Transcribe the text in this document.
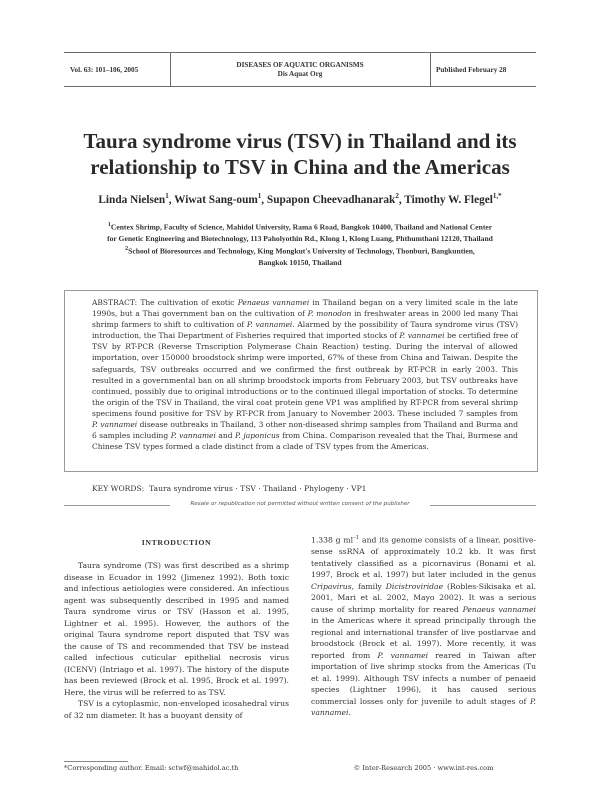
Vol. 63: 101–106, 2005
DISEASES OF AQUATIC ORGANISMS
Dis Aquat Org	Published February 28
Taura syndrome virus (TSV) in Thailand and its
relationship to TSV in China and the Americas
Linda Nielsen$^1$, Wiwat Sang-oum$^1$, Supapon Cheevadhanarak$^2$, Timothy W. Flegel$^{1,*}$
$^1$Centex Shrimp, Faculty of Science, Mahidol University, Rama 6 Road, Bangkok 10400, Thailand and National Center
for Genetic Engineering and Biotechnology, 113 Paholyothin Rd., Klong 1, Klong Luang, Phthumthani 12120, Thailand
$^2$School of Bioresources and Technology, King Mongkut's University of Technology, Thonburi, Bangkuntien,
Bangkok 10150, Thailand
ABSTRACT: The cultivation of exotic Penaeus vannamei in Thailand began on a very limited scale in the late 1990s, but a Thai government ban on the cultivation of P. monodon in freshwater areas in 2000 led many Thai shrimp farmers to shift to cultivation of P. vannamei. Alarmed by the possibility of Taura syndrome virus (TSV) introduction, the Thai Department of Fisheries required that imported stocks of P. vannamei be certified free of TSV by RT-PCR (Reverse Trnscription Polymerase Chain Reaction) testing. During the interval of allowed importation, over 150000 broodstock shrimp were imported, 67% of these from China and Taiwan. Despite the safeguards, TSV outbreaks occurred and we confirmed the first outbreak by RT-PCR in early 2003. This resulted in a governmental ban on all shrimp broodstock imports from February 2003, but TSV outbreaks have continued, possibly due to original introductions or to the continued illegal importation of stocks. To determine the origin of the TSV in Thailand, the viral coat protein gene VP1 was amplified by RT-PCR from several shrimp specimens found positive for TSV by RT-PCR from January to November 2003. These included 7 samples from P. vannamei disease outbreaks in Thailand, 3 other non-diseased shrimp samples from Thailand and Burma and 6 samples including P. vannamei and P. japonicus from China. Comparison revealed that the Thai, Burmese and Chinese TSV types formed a clade distinct from a clade of TSV types from the Americas.
KEY WORDS: Taura syndrome virus · TSV · Thailand · Phylogeny · VP1
Resale or republication not permitted without written consent of the publisher
INTRODUCTION

Taura syndrome (TS) was first described as a shrimp disease in Ecuador in 1992 (Jimenez 1992). Both toxic and infectious aetiologies were considered. An infectious agent was subsequently described in 1995 and named Taura syndrome virus or TSV (Hasson et al. 1995, Lightner et al. 1995). However, the authors of the original Taura syndrome report disputed that TSV was the cause of TS and recommended that TSV be instead called infectious cuticular epithelial necrosis virus (ICENV) (Intriago et al. 1997). The history of the dispute has been reviewed (Brock et al. 1995, Brock et al. 1997). Here, the virus will be referred to as TSV.

TSV is a cytoplasmic, non-enveloped icosahedral virus of 32 nm diameter. It has a buoyant density of

1.338 g $ml^{-1}$ and its genome consists of a linear, positive-sense ssRNA of approximately 10.2 kb. It was first tentatively classified as a picornavirus (Bonami et al. 1997, Brock et al. 1997) but later included in the genus Cripavirus, family Dicistroviridae (Robles-Sikisaka et al. 2001, Mari et al. 2002, Mayo 2002). It was a serious cause of shrimp mortality for reared Penaeus vannamei in the Americas where it spread principally through the regional and international transfer of live postlarvae and broodstock (Brock et al. 1997). More recently, it was reported from P. vannamei reared in Taiwan after importation of live shrimp stocks from the Americas (Tu et al. 1999). Although TSV infects a number of penaeid species (Lightner 1996), it has caused serious commercial losses only for juvenile to adult stages of P. vannamei.

*Corresponding author. Email: sctwf@mahidol.ac.th	© Inter-Research 2005 · www.int-res.com
